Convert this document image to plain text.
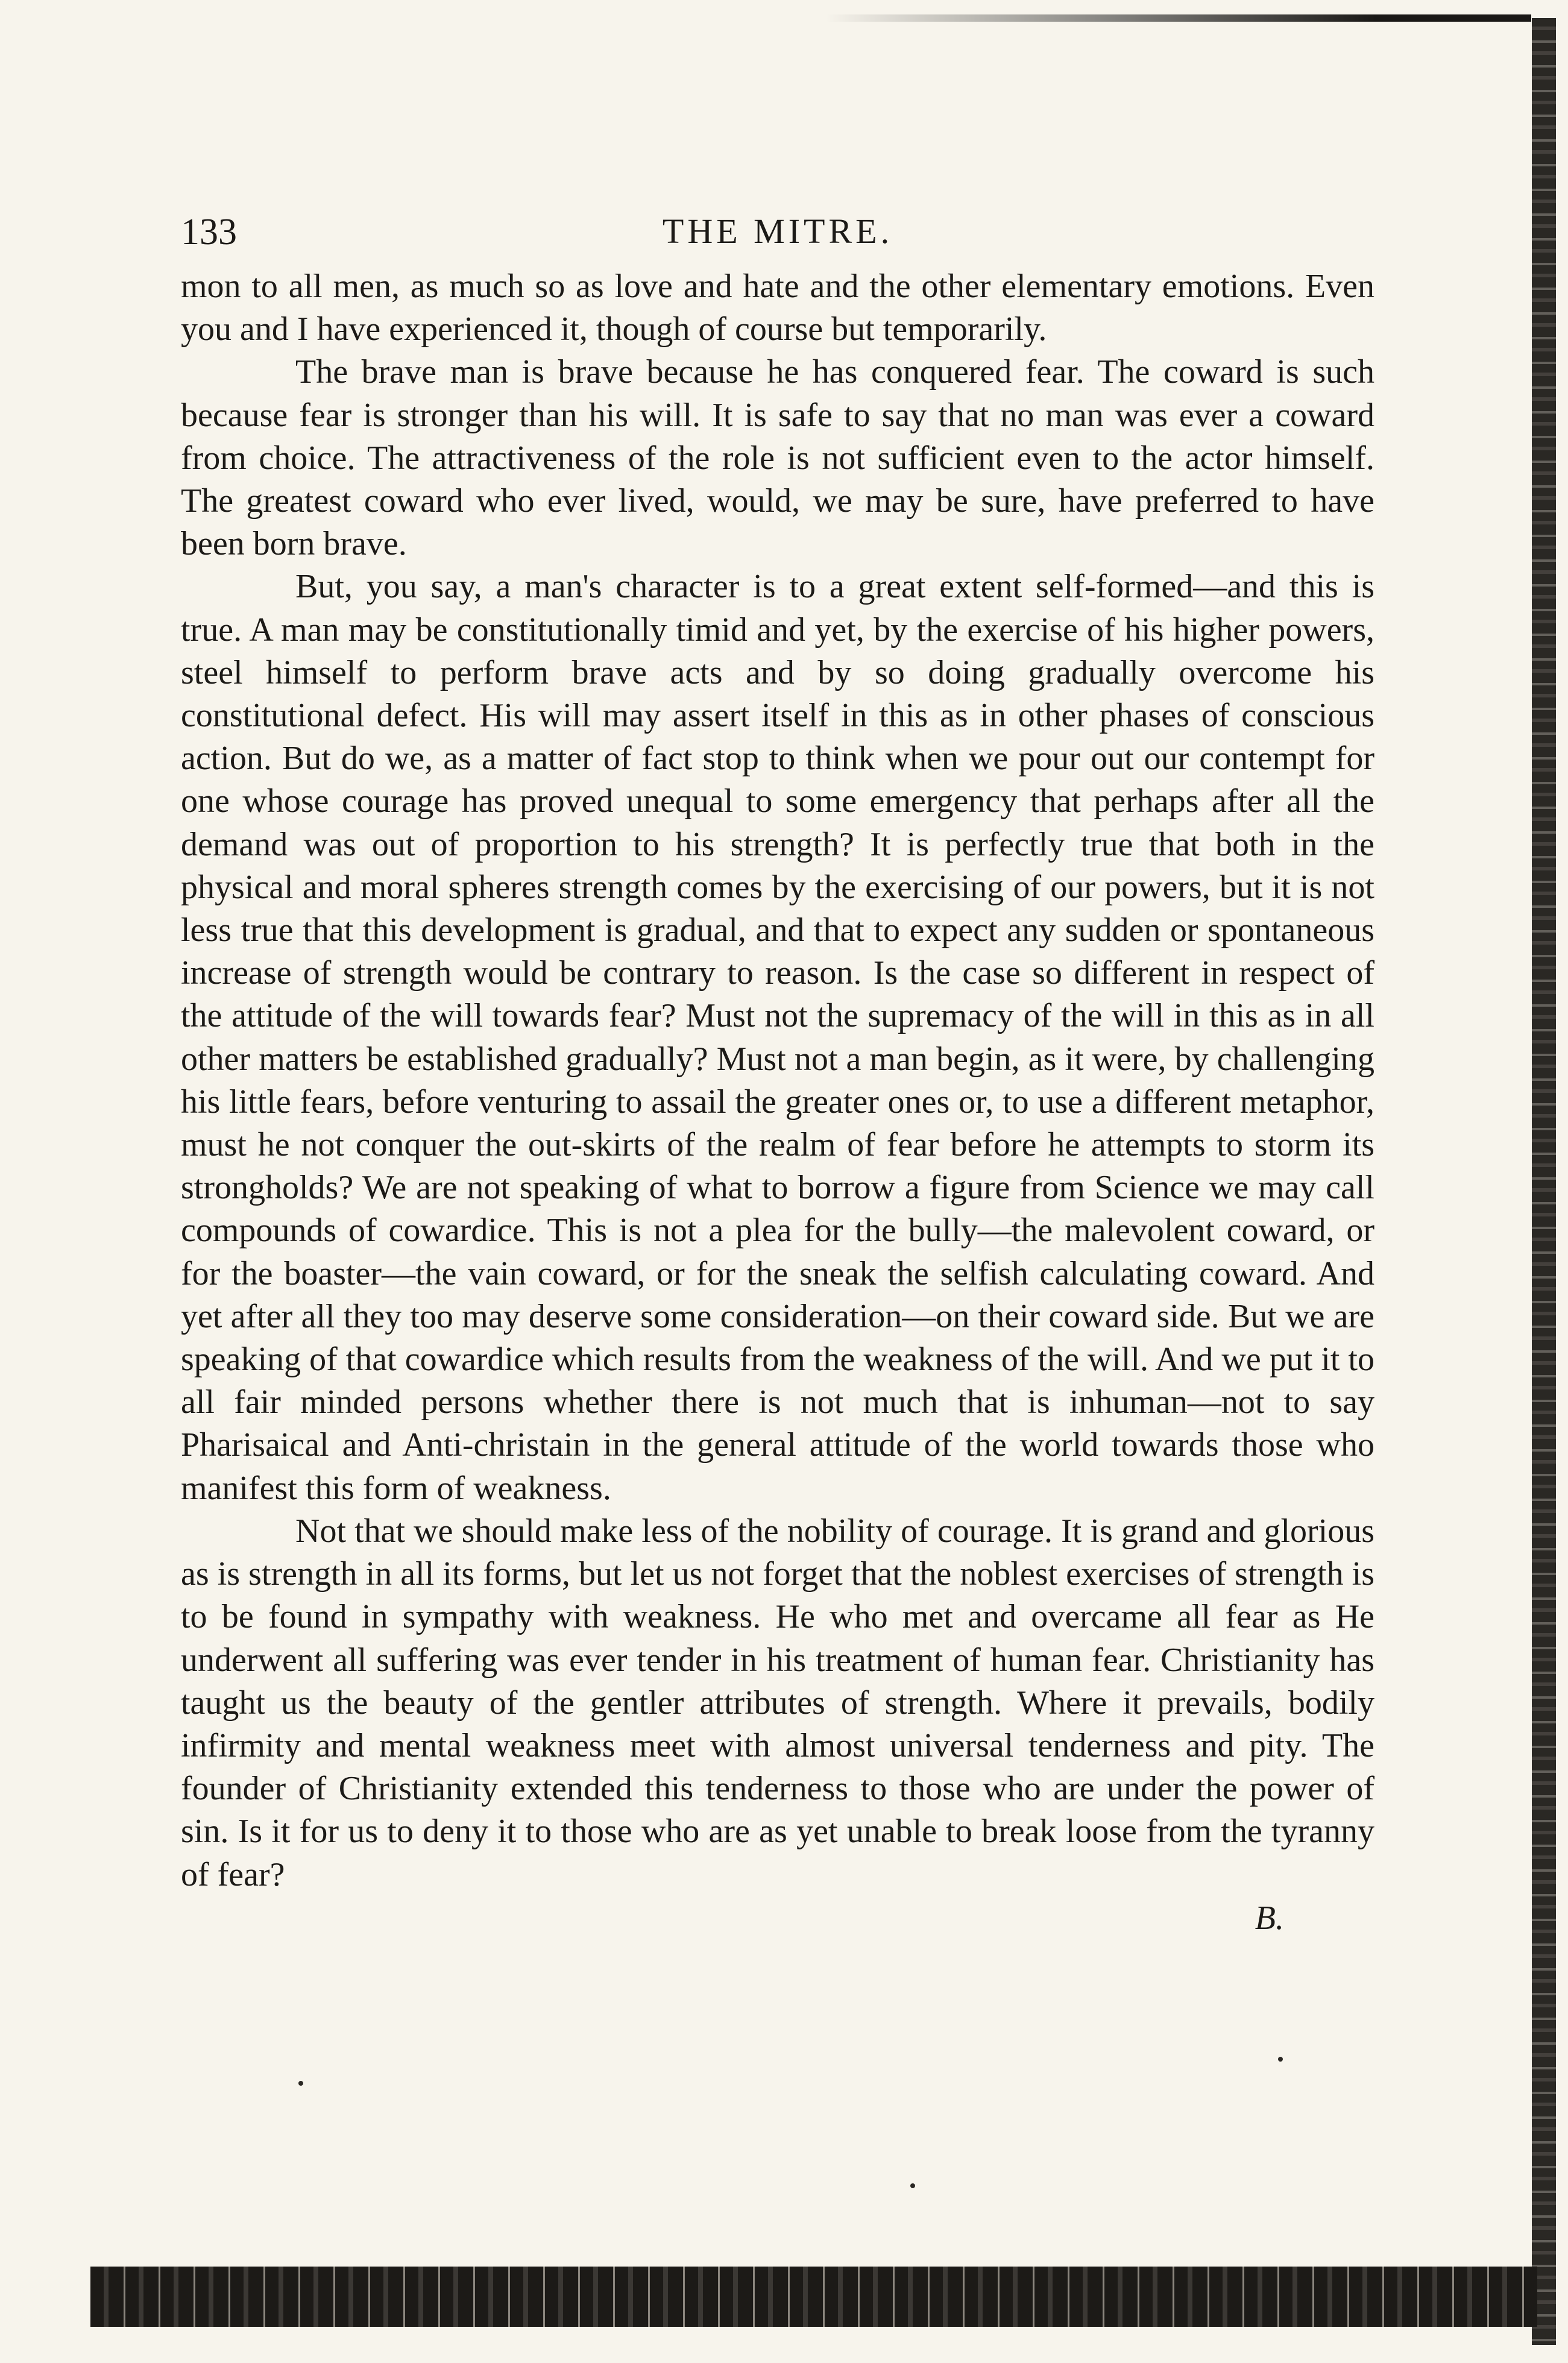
133	THE MITRE.

mon to all men, as much so as love and hate and the other elementary emotions. Even you and I have experienced it, though of course but temporarily.

The brave man is brave because he has conquered fear. The coward is such because fear is stronger than his will. It is safe to say that no man was ever a coward from choice. The attractiveness of the role is not sufficient even to the actor himself. The greatest coward who ever lived, would, we may be sure, have preferred to have been born brave.

But, you say, a man's character is to a great extent self-formed—and this is true. A man may be constitutionally timid and yet, by the exercise of his higher powers, steel himself to perform brave acts and by so doing gradually overcome his constitutional defect. His will may assert itself in this as in other phases of conscious action. But do we, as a matter of fact stop to think when we pour out our contempt for one whose courage has proved unequal to some emergency that perhaps after all the demand was out of proportion to his strength? It is perfectly true that both in the physical and moral spheres strength comes by the exercising of our powers, but it is not less true that this development is gradual, and that to expect any sudden or spontaneous increase of strength would be contrary to reason. Is the case so different in respect of the attitude of the will towards fear? Must not the supremacy of the will in this as in all other matters be established gradually? Must not a man begin, as it were, by challenging his little fears, before venturing to assail the greater ones or, to use a different metaphor, must he not conquer the out-skirts of the realm of fear before he attempts to storm its strongholds? We are not speaking of what to borrow a figure from Science we may call compounds of cowardice. This is not a plea for the bully—the malevolent coward, or for the boaster—the vain coward, or for the sneak the selfish calculating coward. And yet after all they too may deserve some consideration—on their coward side. But we are speaking of that cowardice which results from the weakness of the will. And we put it to all fair minded persons whether there is not much that is inhuman—not to say Pharisaical and Anti-christain in the general attitude of the world towards those who manifest this form of weakness.

Not that we should make less of the nobility of courage. It is grand and glorious as is strength in all its forms, but let us not forget that the noblest exercises of strength is to be found in sympathy with weakness. He who met and overcame all fear as He underwent all suffering was ever tender in his treatment of human fear. Christianity has taught us the beauty of the gentler attributes of strength. Where it prevails, bodily infirmity and mental weakness meet with almost universal tenderness and pity. The founder of Christianity extended this tenderness to those who are under the power of sin. Is it for us to deny it to those who are as yet unable to break loose from the tyranny of fear?

B.
